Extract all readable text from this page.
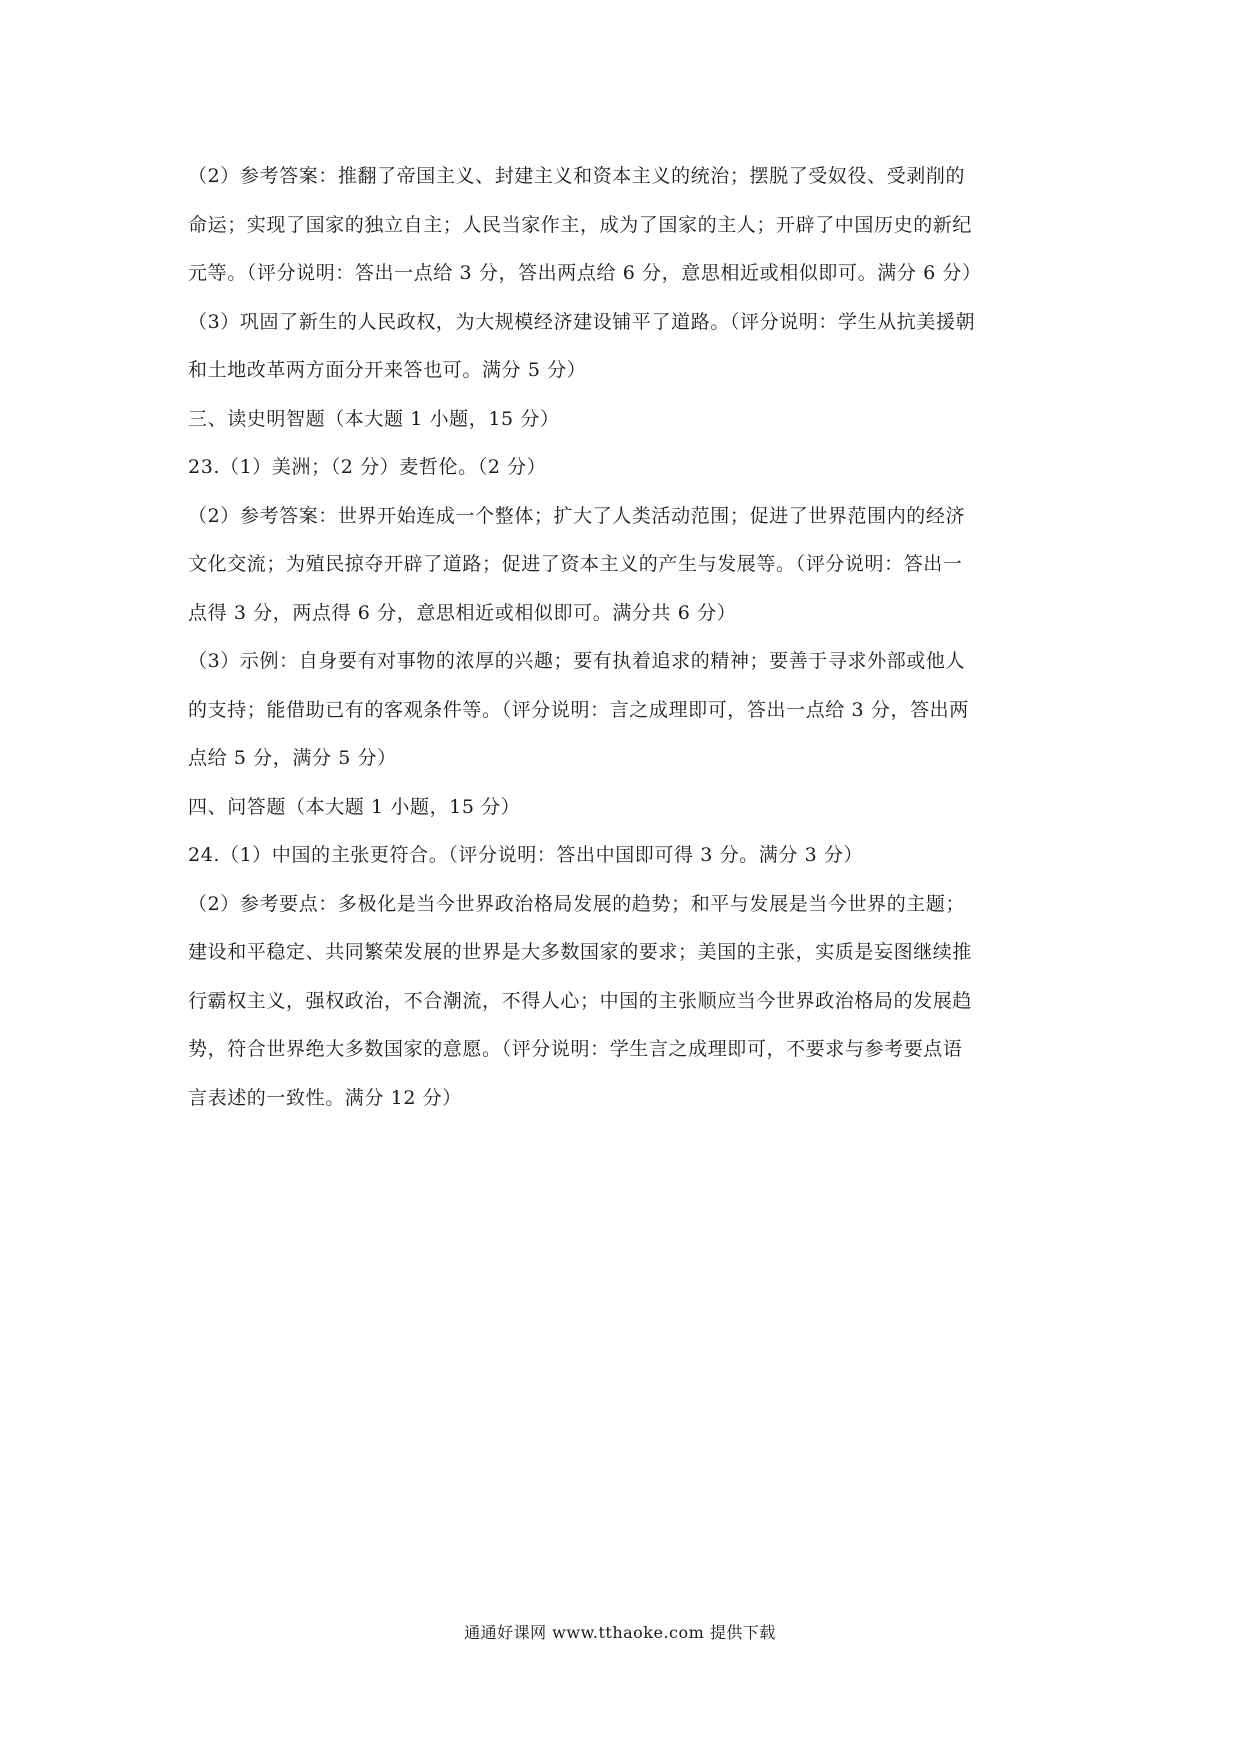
（2）参考答案：推翻了帝国主义、封建主义和资本主义的统治；摆脱了受奴役、受剥削的
命运；实现了国家的独立自主；人民当家作主，成为了国家的主人；开辟了中国历史的新纪
元等。（评分说明：答出一点给 3 分，答出两点给 6 分，意思相近或相似即可。满分 6 分）
（3）巩固了新生的人民政权，为大规模经济建设铺平了道路。（评分说明：学生从抗美援朝
和土地改革两方面分开来答也可。满分 5 分）
三、读史明智题（本大题 1 小题，15 分）
23.（1）美洲；（2 分）麦哲伦。（2 分）
（2）参考答案：世界开始连成一个整体；扩大了人类活动范围；促进了世界范围内的经济
文化交流；为殖民掠夺开辟了道路；促进了资本主义的产生与发展等。（评分说明：答出一
点得 3 分，两点得 6 分，意思相近或相似即可。满分共 6 分）
（3）示例：自身要有对事物的浓厚的兴趣；要有执着追求的精神；要善于寻求外部或他人
的支持；能借助已有的客观条件等。（评分说明：言之成理即可，答出一点给 3 分，答出两
点给 5 分，满分 5 分）
四、问答题（本大题 1 小题，15 分）
24.（1）中国的主张更符合。（评分说明：答出中国即可得 3 分。满分 3 分）
（2）参考要点：多极化是当今世界政治格局发展的趋势；和平与发展是当今世界的主题；
建设和平稳定、共同繁荣发展的世界是大多数国家的要求；美国的主张，实质是妄图继续推
行霸权主义，强权政治，不合潮流，不得人心；中国的主张顺应当今世界政治格局的发展趋
势，符合世界绝大多数国家的意愿。（评分说明：学生言之成理即可，不要求与参考要点语
言表述的一致性。满分 12 分）
通通好课网 www.tthaoke.com 提供下载
